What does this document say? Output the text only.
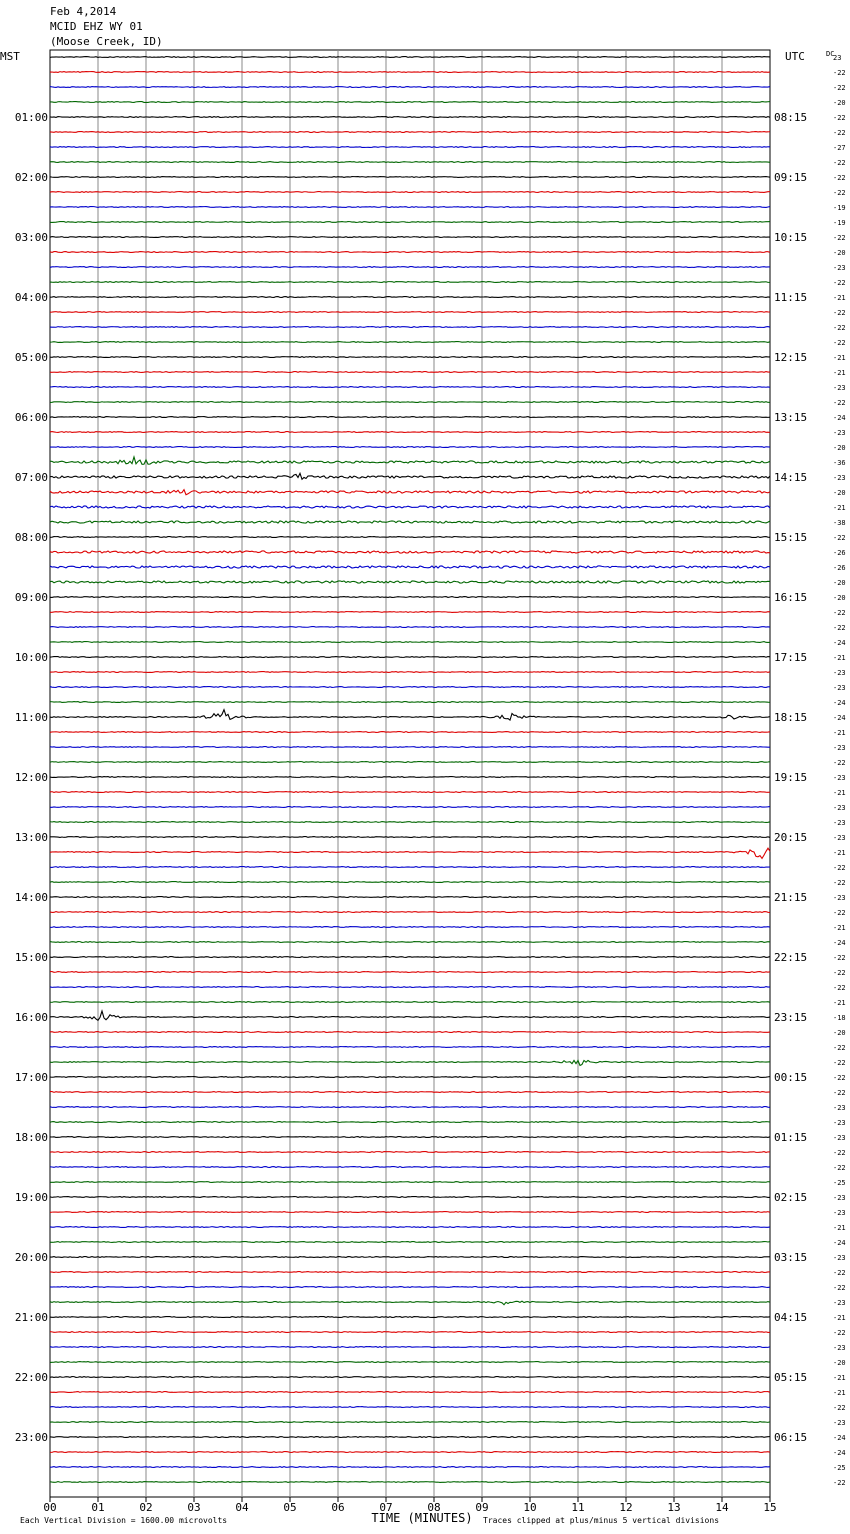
Feb 4,2014
MCID EHZ WY 01
(Moose Creek, ID)
MST	UTC	DC
00	01	02	03	04	05	06	07	08	09	10	11	12	13	14	15
23
-22
-22
-20
-22
-22
-27
-22
-22
-22
-19
-19
-22
-20
-23
-22
-21
-22
-22
-22
-21
-21
-23
-22
-24
-23
-20
-36
-23
-20
-21
-38
-22
-26
-26
-20
-20
-22
-22
-24
-21
-23
-23
-24
-24
-21
-23
-22
-23
-21
-23
-23
-23
-21
-22
-22
-23
-22
-21
-24
-22
-22
-22
-21
-18
-20
-22
-22
-22
-22
-23
-23
-23
-22
-22
-25
-23
-23
-21
-24
-23
-22
-22
-23
-21
-22
-23
-20
-21
-21
-22
-23
-24
-24
-25
-22
01:00
02:00
03:00
04:00
05:00
06:00
07:00
08:00
09:00
10:00
11:00
12:00
13:00
14:00
15:00
16:00
17:00
18:00
19:00
20:00
21:00
22:00
23:00
08:15
09:15
10:15
11:15
12:15
13:15
14:15
15:15
16:15
17:15
18:15
19:15
20:15
21:15
22:15
23:15
00:15
01:15
02:15
03:15
04:15
05:15
06:15
Each Vertical Division = 1600.00 microvolts	TIME (MINUTES) Traces clipped at plus/minus 5 vertical divisions
